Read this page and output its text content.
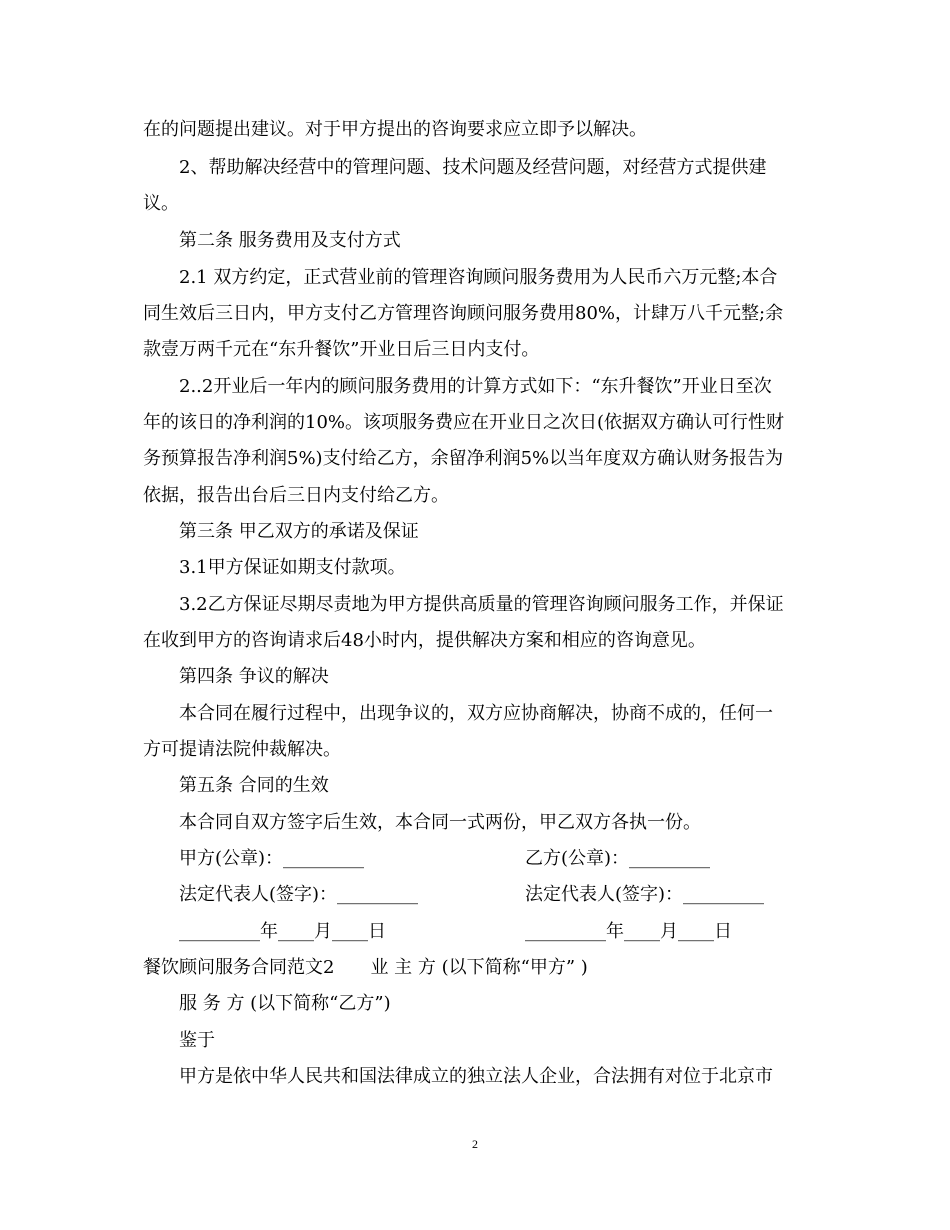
在的问题提出建议。对于甲方提出的咨询要求应立即予以解决。

2、帮助解决经营中的管理问题、技术问题及经营问题，对经营方式提供建

议。

第二条 服务费用及支付方式

2.1 双方约定，正式营业前的管理咨询顾问服务费用为人民币六万元整;本合

同生效后三日内，甲方支付乙方管理咨询顾问服务费用80%，计肆万八千元整;余

款壹万两千元在“东升餐饮”开业日后三日内支付。

2..2开业后一年内的顾问服务费用的计算方式如下：“东升餐饮”开业日至次

年的该日的净利润的10%。该项服务费应在开业日之次日(依据双方确认可行性财

务预算报告净利润5%)支付给乙方，余留净利润5%以当年度双方确认财务报告为

依据，报告出台后三日内支付给乙方。

第三条 甲乙双方的承诺及保证

3.1甲方保证如期支付款项。

3.2乙方保证尽期尽责地为甲方提供高质量的管理咨询顾问服务工作，并保证

在收到甲方的咨询请求后48小时内，提供解决方案和相应的咨询意见。

第四条 争议的解决

本合同在履行过程中，出现争议的，双方应协商解决，协商不成的，任何一

方可提请法院仲裁解决。

第五条 合同的生效

本合同自双方签字后生效，本合同一式两份，甲乙双方各执一份。

甲方(公章)：_________	乙方(公章)：_________

法定代表人(签字)：_________	法定代表人(签字)：_________

_________年____月____日	_________年____月____日

餐饮顾问服务合同范文2　　业 主 方 (以下简称“甲方” )

服 务 方 (以下简称“乙方”)

鉴于

甲方是依中华人民共和国法律成立的独立法人企业，合法拥有对位于北京市

2
